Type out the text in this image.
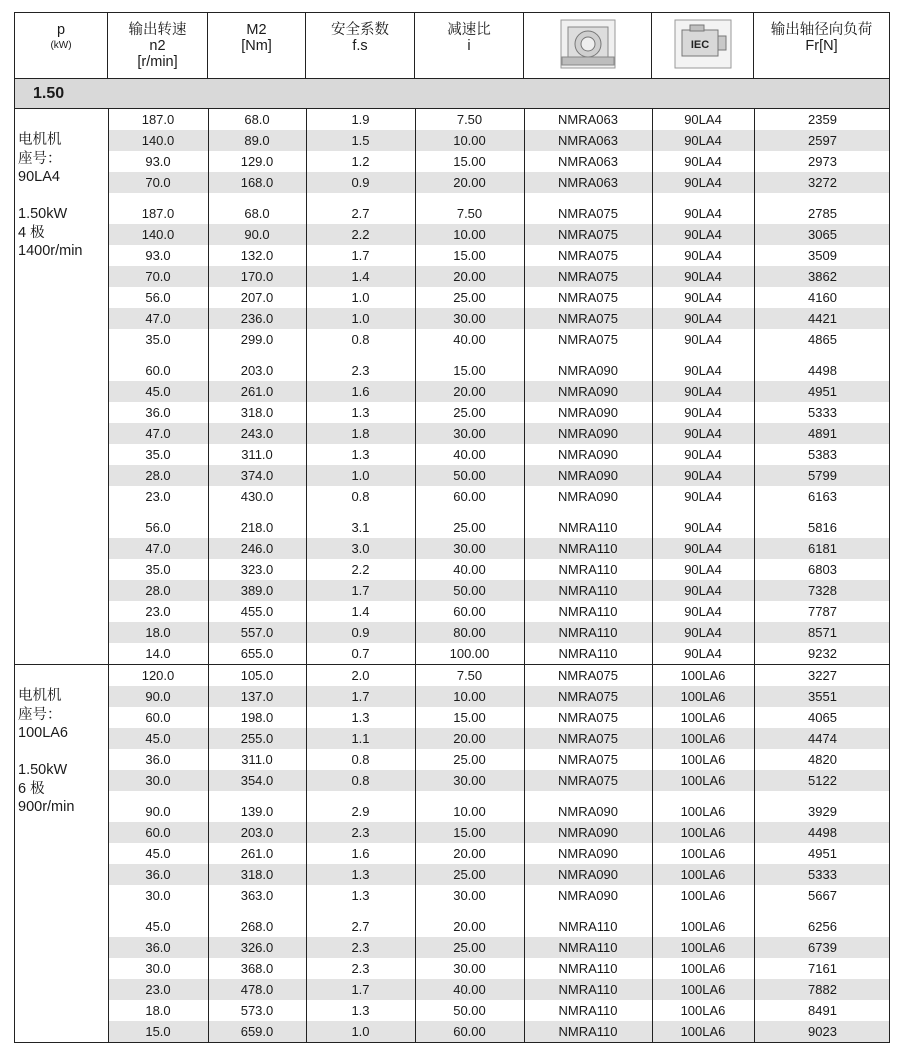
p
(kW)
输出转速
n2
[r/min]
M2
[Nm]
安全系数
f.s
减速比
i	IEC
输出轴径向负荷
Fr[N]
1.50
电机机
座号：
90LA4

1.50kW
4 极
1400r/min
187.0	68.0	1.9	7.50	NMRA063	90LA4	2359
140.0	89.0	1.5	10.00	NMRA063	90LA4	2597
93.0	129.0	1.2	15.00	NMRA063	90LA4	2973
70.0	168.0	0.9	20.00	NMRA063	90LA4	3272
187.0	68.0	2.7	7.50	NMRA075	90LA4	2785
140.0	90.0	2.2	10.00	NMRA075	90LA4	3065
93.0	132.0	1.7	15.00	NMRA075	90LA4	3509
70.0	170.0	1.4	20.00	NMRA075	90LA4	3862
56.0	207.0	1.0	25.00	NMRA075	90LA4	4160
47.0	236.0	1.0	30.00	NMRA075	90LA4	4421
35.0	299.0	0.8	40.00	NMRA075	90LA4	4865
60.0	203.0	2.3	15.00	NMRA090	90LA4	4498
45.0	261.0	1.6	20.00	NMRA090	90LA4	4951
36.0	318.0	1.3	25.00	NMRA090	90LA4	5333
47.0	243.0	1.8	30.00	NMRA090	90LA4	4891
35.0	311.0	1.3	40.00	NMRA090	90LA4	5383
28.0	374.0	1.0	50.00	NMRA090	90LA4	5799
23.0	430.0	0.8	60.00	NMRA090	90LA4	6163
56.0	218.0	3.1	25.00	NMRA110	90LA4	5816
47.0	246.0	3.0	30.00	NMRA110	90LA4	6181
35.0	323.0	2.2	40.00	NMRA110	90LA4	6803
28.0	389.0	1.7	50.00	NMRA110	90LA4	7328
23.0	455.0	1.4	60.00	NMRA110	90LA4	7787
18.0	557.0	0.9	80.00	NMRA110	90LA4	8571
14.0	655.0	0.7	100.00	NMRA110	90LA4	9232
电机机
座号：
100LA6

1.50kW
6 极
900r/min
120.0	105.0	2.0	7.50	NMRA075	100LA6	3227
90.0	137.0	1.7	10.00	NMRA075	100LA6	3551
60.0	198.0	1.3	15.00	NMRA075	100LA6	4065
45.0	255.0	1.1	20.00	NMRA075	100LA6	4474
36.0	311.0	0.8	25.00	NMRA075	100LA6	4820
30.0	354.0	0.8	30.00	NMRA075	100LA6	5122
90.0	139.0	2.9	10.00	NMRA090	100LA6	3929
60.0	203.0	2.3	15.00	NMRA090	100LA6	4498
45.0	261.0	1.6	20.00	NMRA090	100LA6	4951
36.0	318.0	1.3	25.00	NMRA090	100LA6	5333
30.0	363.0	1.3	30.00	NMRA090	100LA6	5667
45.0	268.0	2.7	20.00	NMRA110	100LA6	6256
36.0	326.0	2.3	25.00	NMRA110	100LA6	6739
30.0	368.0	2.3	30.00	NMRA110	100LA6	7161
23.0	478.0	1.7	40.00	NMRA110	100LA6	7882
18.0	573.0	1.3	50.00	NMRA110	100LA6	8491
15.0	659.0	1.0	60.00	NMRA110	100LA6	9023
